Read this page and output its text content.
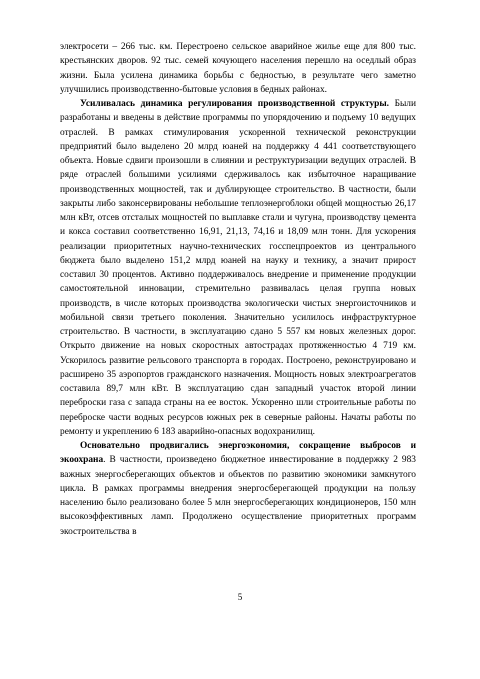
электросети – 266 тыс. км. Перестроено сельское аварийное жилье еще для 800 тыс. крестьянских дворов. 92 тыс. семей кочующего населения перешло на оседлый образ жизни. Была усилена динамика борьбы с бедностью, в результате чего заметно улучшились производственно-бытовые условия в бедных районах.

Усиливалась динамика регулирования производственной структуры. Были разработаны и введены в действие программы по упорядочению и подъему 10 ведущих отраслей. В рамках стимулирования ускоренной технической реконструкции предприятий было выделено 20 млрд юаней на поддержку 4 441 соответствующего объекта. Новые сдвиги произошли в слиянии и реструктуризации ведущих отраслей. В ряде отраслей большими усилиями сдерживалось как избыточное наращивание производственных мощностей, так и дублирующее строительство. В частности, были закрыты либо законсервированы небольшие теплоэнергоблоки общей мощностью 26,17 млн кВт, отсев отсталых мощностей по выплавке стали и чугуна, производству цемента и кокса составил соответственно 16,91, 21,13, 74,16 и 18,09 млн тонн. Для ускорения реализации приоритетных научно-технических госспецпроектов из центрального бюджета было выделено 151,2 млрд юаней на науку и технику, а значит прирост составил 30 процентов. Активно поддерживалось внедрение и применение продукции самостоятельной инновации, стремительно развивалась целая группа новых производств, в числе которых производства экологически чистых энергоисточников и мобильной связи третьего поколения. Значительно усилилось инфраструктурное строительство. В частности, в эксплуатацию сдано 5 557 км новых железных дорог. Открыто движение на новых скоростных автострадах протяженностью 4 719 км. Ускорилось развитие рельсового транспорта в городах. Построено, реконструировано и расширено 35 аэропортов гражданского назначения. Мощность новых электроагрегатов составила 89,7 млн кВт. В эксплуатацию сдан западный участок второй линии переброски газа с запада страны на ее восток. Ускоренно шли строительные работы по переброске части водных ресурсов южных рек в северные районы. Начаты работы по ремонту и укреплению 6 183 аварийно-опасных водохранилищ.

Основательно продвигались энергоэкономия, сокращение выбросов и экоохрана. В частности, произведено бюджетное инвестирование в поддержку 2 983 важных энергосберегающих объектов и объектов по развитию экономики замкнутого цикла. В рамках программы внедрения энергосберегающей продукции на пользу населению было реализовано более 5 млн энергосберегающих кондиционеров, 150 млн высокоэффективных ламп. Продолжено осуществление приоритетных программ экостроительства в

5
